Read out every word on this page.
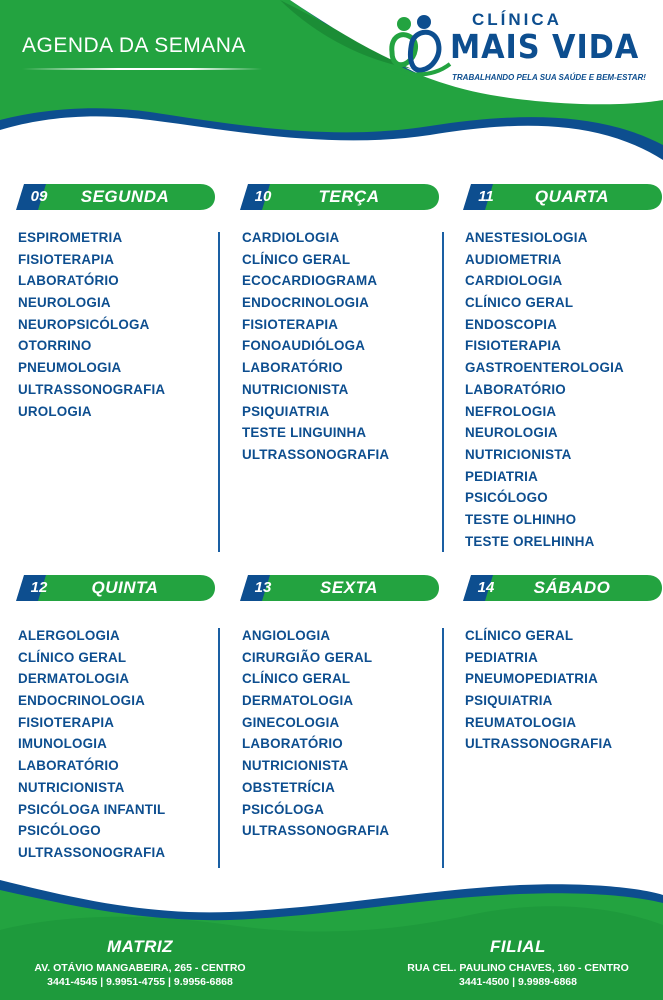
AGENDA DA SEMANA
CLÍNICA
MAIS VIDA
TRABALHANDO PELA SUA SAÚDE E BEM-ESTAR!
09	SEGUNDA
ESPIROMETRIA
FISIOTERAPIA
LABORATÓRIO
NEUROLOGIA
NEUROPSICÓLOGA
OTORRINO
PNEUMOLOGIA
ULTRASSONOGRAFIA
UROLOGIA
10	TERÇA
CARDIOLOGIA
CLÍNICO GERAL
ECOCARDIOGRAMA
ENDOCRINOLOGIA
FISIOTERAPIA
FONOAUDIÓLOGA
LABORATÓRIO
NUTRICIONISTA
PSIQUIATRIA
TESTE LINGUINHA
ULTRASSONOGRAFIA
11	QUARTA
ANESTESIOLOGIA
AUDIOMETRIA
CARDIOLOGIA
CLÍNICO GERAL
ENDOSCOPIA
FISIOTERAPIA
GASTROENTEROLOGIA
LABORATÓRIO
NEFROLOGIA
NEUROLOGIA
NUTRICIONISTA
PEDIATRIA
PSICÓLOGO
TESTE OLHINHO
TESTE ORELHINHA
12	QUINTA
ALERGOLOGIA
CLÍNICO GERAL
DERMATOLOGIA
ENDOCRINOLOGIA
FISIOTERAPIA
IMUNOLOGIA
LABORATÓRIO
NUTRICIONISTA
PSICÓLOGA INFANTIL
PSICÓLOGO
ULTRASSONOGRAFIA
13	SEXTA
ANGIOLOGIA
CIRURGIÃO GERAL
CLÍNICO GERAL
DERMATOLOGIA
GINECOLOGIA
LABORATÓRIO
NUTRICIONISTA
OBSTETRÍCIA
PSICÓLOGA
ULTRASSONOGRAFIA
14	SÁBADO
CLÍNICO GERAL
PEDIATRIA
PNEUMOPEDIATRIA
PSIQUIATRIA
REUMATOLOGIA
ULTRASSONOGRAFIA
MATRIZ
AV. OTÁVIO MANGABEIRA, 265 - CENTRO
3441-4545 | 9.9951-4755 | 9.9956-6868
FILIAL
RUA CEL. PAULINO CHAVES, 160 - CENTRO
3441-4500 | 9.9989-6868
